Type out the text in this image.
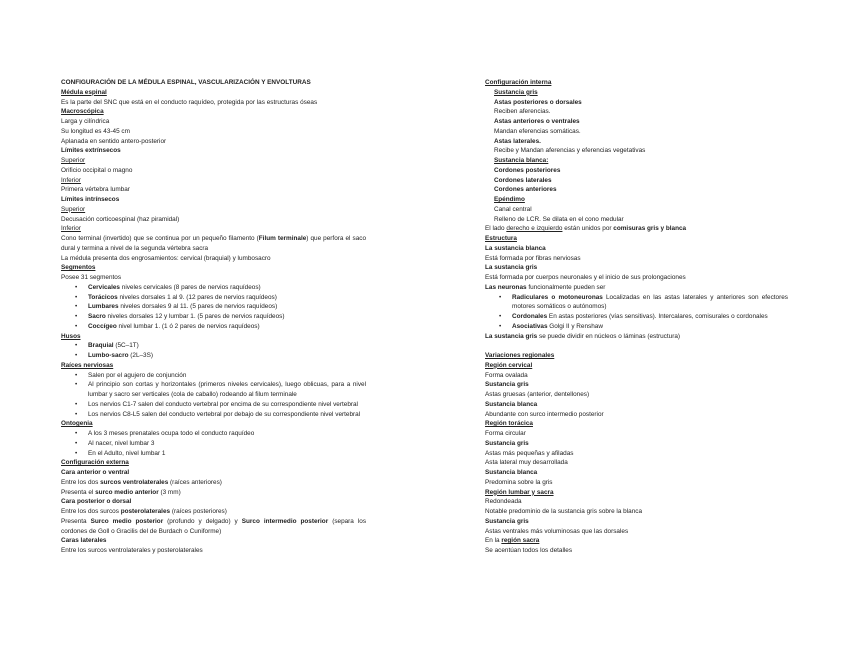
CONFIGURACIÓN DE LA MÉDULA ESPINAL, VASCULARIZACIÓN Y ENVOLTURAS
Médula espinal
Es la parte del SNC que está en el conducto raquídeo, protegida por las estructuras óseas
Macroscópica
Larga y cilíndrica
Su longitud es 43-45 cm
Aplanada en sentido antero-posterior
Límites extrínsecos
Superior
Orificio occipital o magno
Inferior
Primera vértebra lumbar
Límites intrínsecos
Superior
Decusación corticoespinal (haz piramidal)
Inferior
Cono terminal (invertido) que se continua por un pequeño filamento (Filum terminale) que perfora el saco dural y termina a nivel de la segunda vértebra sacra
La médula presenta dos engrosamientos: cervical (braquial) y lumbosacro
Segmentos
Posee 31 segmentos
• Cervicales niveles cervicales (8 pares de nervios raquídeos)
• Torácicos niveles dorsales 1 al 9. (12 pares de nervios raquídeos)
• Lumbares niveles dorsales 9 al 11. (5 pares de nervios raquídeos)
• Sacro niveles dorsales 12 y lumbar 1. (5 pares de nervios raquídeos)
• Coccígeo nivel lumbar 1. (1 ó 2 pares de nervios raquídeos)
Husos
• Braquial (5C–1T)
• Lumbo-sacro (2L–3S)
Raíces nerviosas
• Salen por el agujero de conjunción
• Al principio son cortas y horizontales (primeros niveles cervicales), luego oblicuas, para a nivel lumbar y sacro ser verticales (cola de caballo) rodeando al filum terminale
• Los nervios C1-7 salen del conducto vertebral por encima de su correspondiente nivel vertebral
• Los nervios C8-L5 salen del conducto vertebral por debajo de su correspondiente nivel vertebral
Ontogenia
• A los 3 meses prenatales ocupa todo el conducto raquídeo
• Al nacer, nivel lumbar 3
• En el Adulto, nivel lumbar 1
Configuración externa
Cara anterior o ventral
Entre los dos surcos ventrolaterales (raíces anteriores)
Presenta el surco medio anterior (3 mm)
Cara posterior o dorsal
Entre los dos surcos posterolaterales (raíces posteriores)
Presenta Surco medio posterior (profundo y delgado) y Surco intermedio posterior (separa los cordones de Goll o Gracilis del de Burdach o Cuniforme)
Caras laterales
Entre los surcos ventrolaterales y posterolaterales
Configuración interna
Sustancia gris
Astas posteriores o dorsales
Reciben aferencias.
Astas anteriores o ventrales
Mandan eferencias somáticas.
Astas laterales.
Recibe y Mandan aferencias y eferencias vegetativas
Sustancia blanca:
Cordones posteriores
Cordones laterales
Cordones anteriores
Epéndimo
Canal central
Relleno de LCR. Se dilata en el cono medular
El lado derecho e izquierdo están unidos por comisuras gris y blanca
Estructura
La sustancia blanca
Está formada por fibras nerviosas
La sustancia gris
Está formada por cuerpos neuronales y el inicio de sus prolongaciones
Las neuronas funcionalmente pueden ser
• Radiculares o motoneuronas Localizadas en las astas laterales y anteriores son efectores motores somáticos o autónomos)
• Cordonales En astas posteriores (vías sensitivas). Intercalares, comisurales o cordonales
• Asociativas Golgi II y Renshaw
La sustancia gris se puede dividir en núcleos o láminas (estructura)
Variaciones regionales
Región cervical
Forma ovalada
Sustancia gris
Astas gruesas (anterior, dentellones)
Sustancia blanca
Abundante con surco intermedio posterior
Región torácica
Forma circular
Sustancia gris
Astas más pequeñas y afiladas
Asta lateral muy desarrollada
Sustancia blanca
Predomina sobre la gris
Región lumbar y sacra
Redondeada
Notable predominio de la sustancia gris sobre la blanca
Sustancia gris
Astas ventrales más voluminosas que las dorsales
En la región sacra
Se acentúan todos los detalles
